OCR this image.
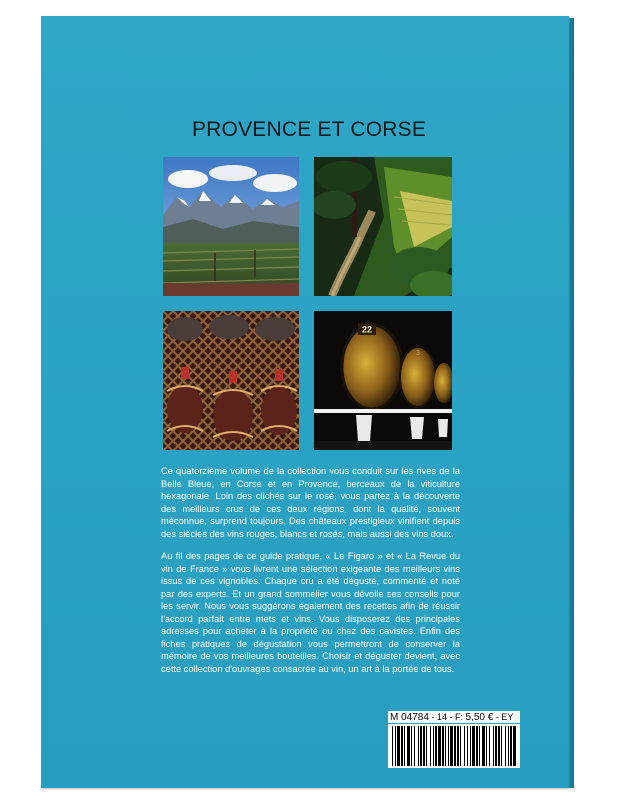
PROVENCE ET CORSE
22
3

Ce quatorzième volume de la collection vous conduit sur les rives de la Belle Bleue, en Corse et en Provence, berceaux de la viticulture hexagonale. Loin des clichés sur le rosé, vous partez à la découverte des meilleurs crus de ces deux régions, dont la qualité, souvent méconnue, surprend toujours. Des châteaux prestigieux vinifient depuis des siècles des vins rouges, blancs et rosés, mais aussi des vins doux.

Au fil des pages de ce guide pratique, « Le Figaro » et « La Revue du vin de France » vous livrent une sélection exigeante des meilleurs vins issus de ces vignobles. Chaque cru a été dégusté, commenté et noté par des experts. Et un grand sommelier vous dévoile ses conseils pour les servir. Nous vous suggérons également des recettes afin de réussir l'accord parfait entre mets et vins. Vous disposerez des principales adresses pour acheter à la propriété ou chez des cavistes. Enfin des fiches pratiques de dégustation vous permettront de conserver la mémoire de vos meilleures bouteilles. Choisir et déguster devient, avec cette collection d'ouvrages consacrée au vin, un art à la portée de tous.

M 04784 - 14 - F: 5,50 € - EY
